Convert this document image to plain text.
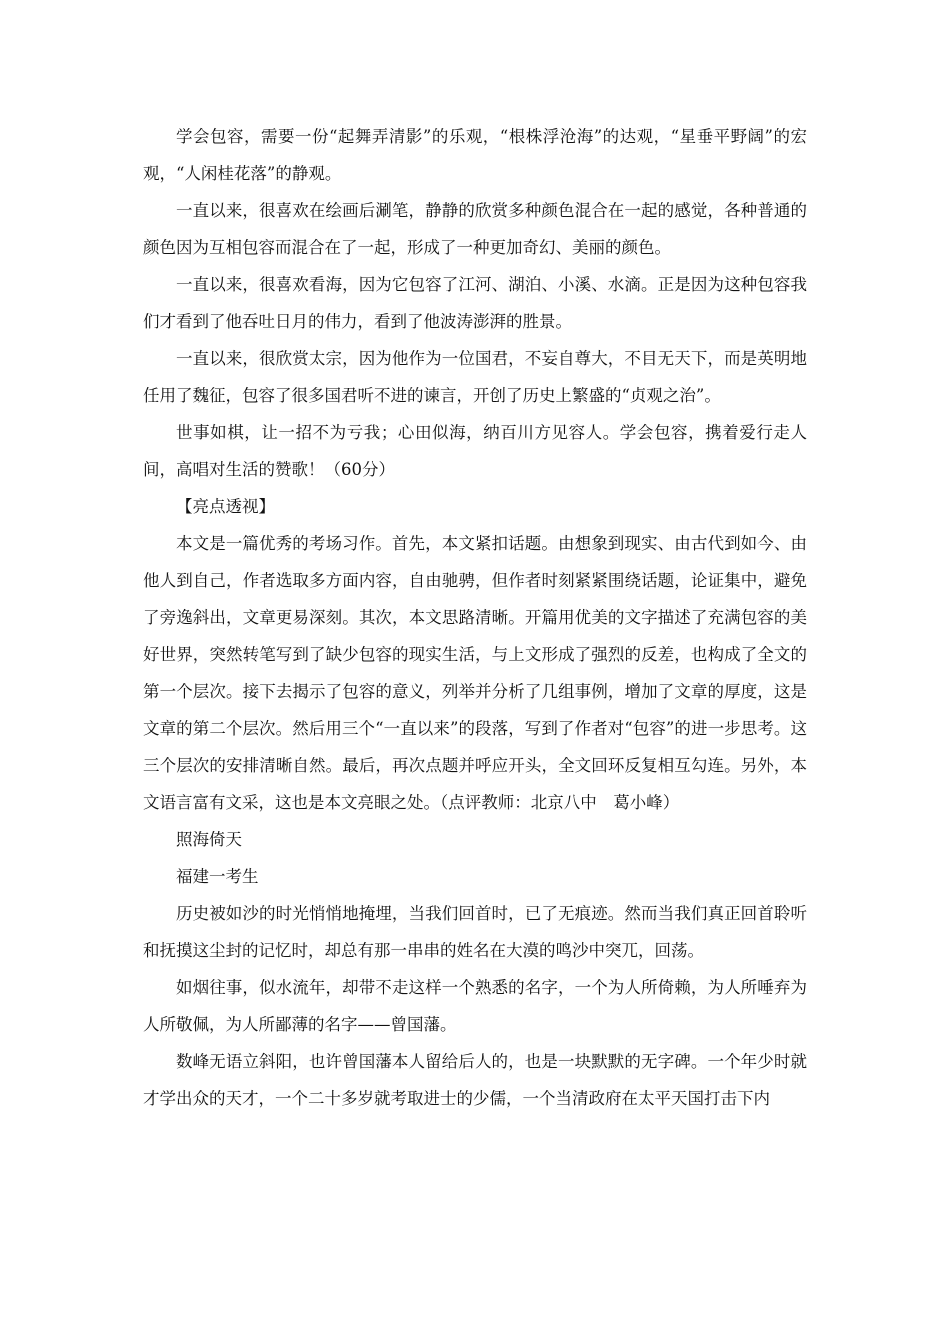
学会包容，需要一份“起舞弄清影”的乐观，“根株浮沧海”的达观，“星垂平野阔”的宏观，“人闲桂花落”的静观。

一直以来，很喜欢在绘画后涮笔，静静的欣赏多种颜色混合在一起的感觉，各种普通的颜色因为互相包容而混合在了一起，形成了一种更加奇幻、美丽的颜色。

一直以来，很喜欢看海，因为它包容了江河、湖泊、小溪、水滴。正是因为这种包容我们才看到了他吞吐日月的伟力，看到了他波涛澎湃的胜景。

一直以来，很欣赏太宗，因为他作为一位国君，不妄自尊大，不目无天下，而是英明地任用了魏征，包容了很多国君听不进的谏言，开创了历史上繁盛的“贞观之治”。

世事如棋，让一招不为亏我；心田似海，纳百川方见容人。学会包容，携着爱行走人间，高唱对生活的赞歌！（60分）

【亮点透视】

本文是一篇优秀的考场习作。首先，本文紧扣话题。由想象到现实、由古代到如今、由他人到自己，作者选取多方面内容，自由驰骋，但作者时刻紧紧围绕话题，论证集中，避免了旁逸斜出，文章更易深刻。其次，本文思路清晰。开篇用优美的文字描述了充满包容的美好世界，突然转笔写到了缺少包容的现实生活，与上文形成了强烈的反差，也构成了全文的第一个层次。接下去揭示了包容的意义，列举并分析了几组事例，增加了文章的厚度，这是文章的第二个层次。然后用三个“一直以来”的段落，写到了作者对“包容”的进一步思考。这三个层次的安排清晰自然。最后，再次点题并呼应开头，全文回环反复相互勾连。另外，本文语言富有文采，这也是本文亮眼之处。（点评教师：北京八中　葛小峰）

照海倚天

福建一考生

历史被如沙的时光悄悄地掩埋，当我们回首时，已了无痕迹。然而当我们真正回首聆听和抚摸这尘封的记忆时，却总有那一串串的姓名在大漠的鸣沙中突兀，回荡。

如烟往事，似水流年，却带不走这样一个熟悉的名字，一个为人所倚赖，为人所唾弃为人所敬佩，为人所鄙薄的名字——曾国藩。

数峰无语立斜阳，也许曾国藩本人留给后人的，也是一块默默的无字碑。一个年少时就才学出众的天才，一个二十多岁就考取进士的少儒，一个当清政府在太平天国打击下内
